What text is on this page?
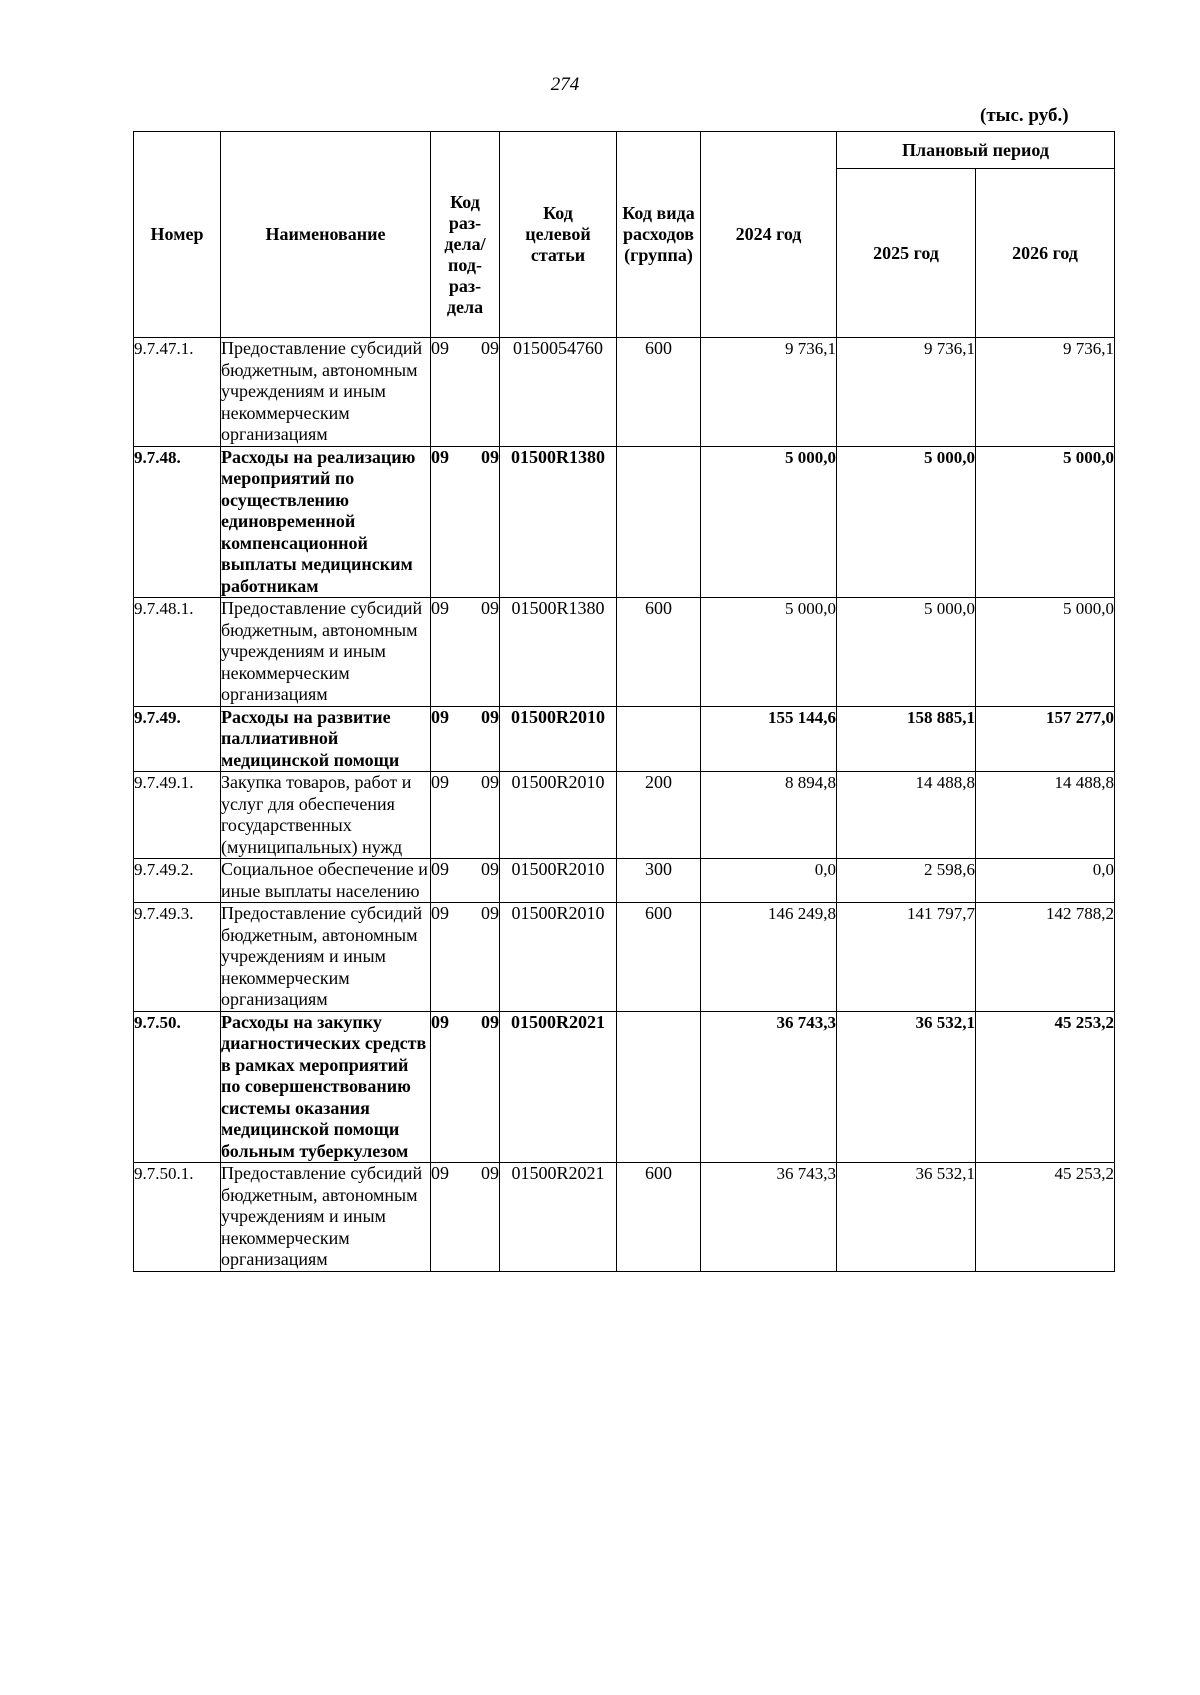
274
(тыс. руб.)
Номер	Наименование	Код раз- дела/ под- раз- дела	Код целевой статьи	Код вида расходов (группа)	2024 год	Плановый период	
						2025 год	2026 год
9.7.47.1.	Предоставление субсидий бюджетным, автономным учреждениям и иным некоммерческим организациям	09 09	0150054760	600	9 736,1	9 736,1	9 736,1
9.7.48.	Расходы на реализацию мероприятий по осуществлению единовременной компенсационной выплаты медицинским работникам	09 09	01500R1380		5 000,0	5 000,0	5 000,0
9.7.48.1.	Предоставление субсидий бюджетным, автономным учреждениям и иным некоммерческим организациям	09 09	01500R1380	600	5 000,0	5 000,0	5 000,0
9.7.49.	Расходы на развитие паллиативной медицинской помощи	09 09	01500R2010		155 144,6	158 885,1	157 277,0
9.7.49.1.	Закупка товаров, работ и услуг для обеспечения государственных (муниципальных) нужд	09 09	01500R2010	200	8 894,8	14 488,8	14 488,8
9.7.49.2.	Социальное обеспечение и иные выплаты населению	09 09	01500R2010	300	0,0	2 598,6	0,0
9.7.49.3.	Предоставление субсидий бюджетным, автономным учреждениям и иным некоммерческим организациям	09 09	01500R2010	600	146 249,8	141 797,7	142 788,2
9.7.50.	Расходы на закупку диагностических средств в рамках мероприятий по совершенствованию системы оказания медицинской помощи больным туберкулезом	09 09	01500R2021		36 743,3	36 532,1	45 253,2
9.7.50.1.	Предоставление субсидий бюджетным, автономным учреждениям и иным некоммерческим организациям	09 09	01500R2021	600	36 743,3	36 532,1	45 253,2
